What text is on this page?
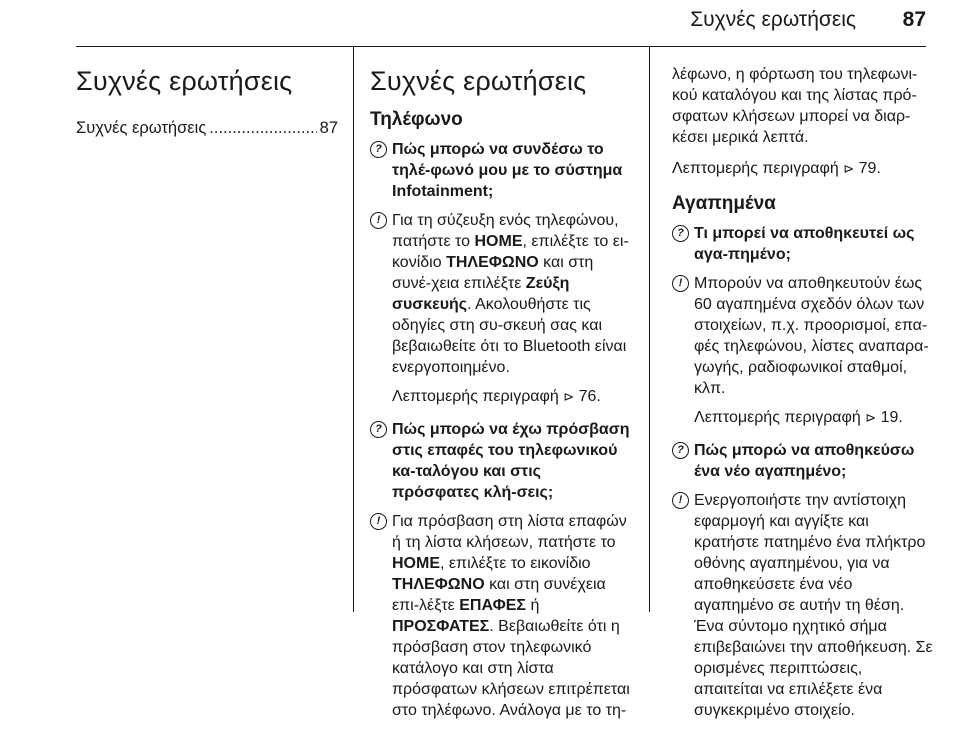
Συχνές ερωτήσεις 87
Συχνές ερωτήσεις
Συχνές ερωτήσεις
.....	87
Συχνές ερωτήσεις
Τηλέφωνο
? Πώς μπορώ να συνδέσω το τηλέ-φωνό μου με το σύστημα Infotainment;
! Για τη σύζευξη ενός τηλεφώνου, πατήστε το HOME, επιλέξτε το ει-κονίδιο ΤΗΛΕΦΩΝΟ και στη συνέ-χεια επιλέξτε Ζεύξη συσκευής. Ακολουθήστε τις οδηγίες στη συ-σκευή σας και βεβαιωθείτε ότι το Bluetooth είναι ενεργοποιημένο.
Λεπτομερής περιγραφή ⊳ 76.
? Πώς μπορώ να έχω πρόσβαση στις επαφές του τηλεφωνικού κα-ταλόγου και στις πρόσφατες κλή-σεις;
! Για πρόσβαση στη λίστα επαφών ή τη λίστα κλήσεων, πατήστε το HOME, επιλέξτε το εικονίδιο ΤΗΛΕΦΩΝΟ και στη συνέχεια επι-λέξτε ΕΠΑΦΕΣ ή ΠΡΟΣΦΑΤΕΣ. Βεβαιωθείτε ότι η πρόσβαση στον τηλεφωνικό κατάλογο και στη λίστα πρόσφατων κλήσεων επιτρέπεται στο τηλέφωνο. Ανάλογα με το τη-
λέφωνο, η φόρτωση του τηλεφωνι-κού καταλόγου και της λίστας πρό-σφατων κλήσεων μπορεί να διαρ-κέσει μερικά λεπτά.
Λεπτομερής περιγραφή ⊳ 79.
Αγαπημένα
? Τι μπορεί να αποθηκευτεί ως αγα-πημένο;
! Μπορούν να αποθηκευτούν έως 60 αγαπημένα σχεδόν όλων των στοιχείων, π.χ. προορισμοί, επα-φές τηλεφώνου, λίστες αναπαρα-γωγής, ραδιοφωνικοί σταθμοί, κλπ.
Λεπτομερής περιγραφή ⊳ 19.
? Πώς μπορώ να αποθηκεύσω ένα νέο αγαπημένο;
! Ενεργοποιήστε την αντίστοιχη εφαρμογή και αγγίξτε και κρατήστε πατημένο ένα πλήκτρο οθόνης αγαπημένου, για να αποθηκεύσετε ένα νέο αγαπημένο σε αυτήν τη θέση. Ένα σύντομο ηχητικό σήμα επιβεβαιώνει την αποθήκευση. Σε ορισμένες περιπτώσεις, απαιτείται να επιλέξετε ένα συγκεκριμένο στοιχείο.
